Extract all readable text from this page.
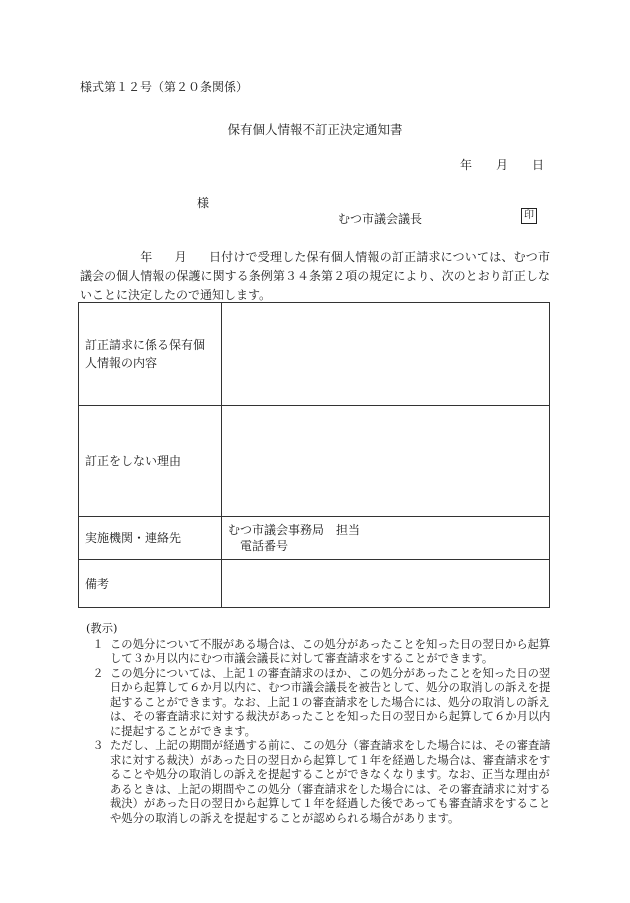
様式第１２号（第２０条関係）
保有個人情報不訂正決定通知書
年 月 日
様
むつ市議会議長	印
年 月 日付けで受理した保有個人情報の訂正請求については、むつ市議会の個人情報の保護に関する条例第３４条第２項の規定により、次のとおり訂正しないことに決定したので通知します。
訂正請求に係る保有個人情報の内容	
訂正をしない理由	
実施機関・連絡先	むつ市議会事務局　担当
電話番号

備考	
(教示)
１ この処分について不服がある場合は、この処分があったことを知った日の翌日から起算して３か月以内にむつ市議会議長に対して審査請求をすることができます。
２ この処分については、上記１の審査請求のほか、この処分があったことを知った日の翌日から起算して６か月以内に、むつ市議会議長を被告として、処分の取消しの訴えを提起することができます。なお、上記１の審査請求をした場合には、処分の取消しの訴えは、その審査請求に対する裁決があったことを知った日の翌日から起算して６か月以内に提起することができます。
３ ただし、上記の期間が経過する前に、この処分（審査請求をした場合には、その審査請求に対する裁決）があった日の翌日から起算して１年を経過した場合は、審査請求をすることや処分の取消しの訴えを提起することができなくなります。なお、正当な理由があるときは、上記の期間やこの処分（審査請求をした場合には、その審査請求に対する裁決）があった日の翌日から起算して１年を経過した後であっても審査請求をすることや処分の取消しの訴えを提起することが認められる場合があります。
